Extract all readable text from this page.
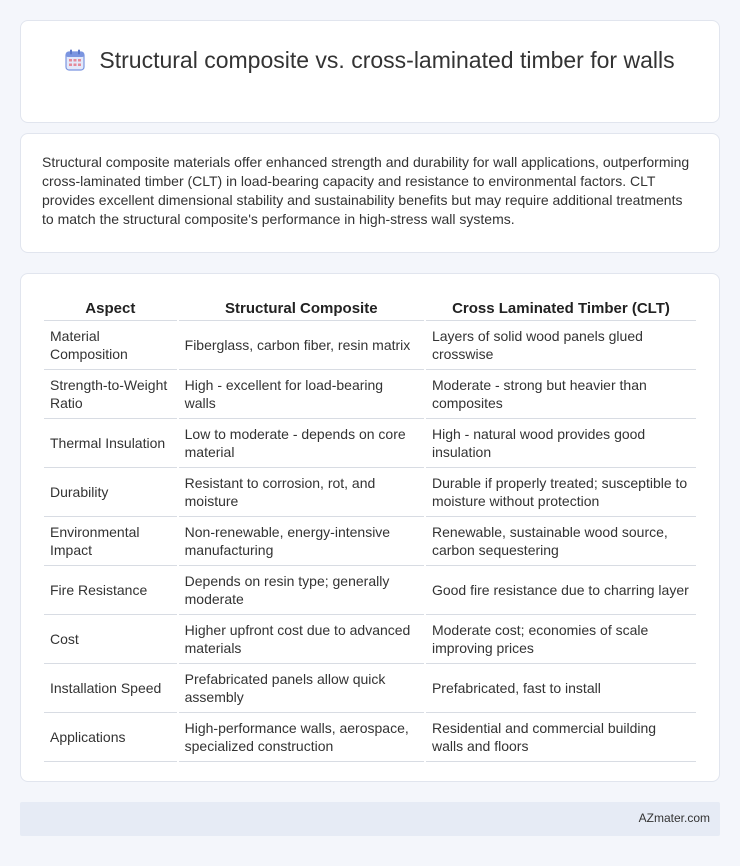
Structural composite vs. cross-laminated timber for walls

Structural composite materials offer enhanced strength and durability for wall applications, outperforming cross-laminated timber (CLT) in load-bearing capacity and resistance to environmental factors. CLT provides excellent dimensional stability and sustainability benefits but may require additional treatments to match the structural composite's performance in high-stress wall systems.

Aspect	Structural Composite	Cross Laminated Timber (CLT)
Material Composition	Fiberglass, carbon fiber, resin matrix	Layers of solid wood panels glued crosswise
Strength-to-Weight Ratio	High - excellent for load-bearing walls	Moderate - strong but heavier than composites
Thermal Insulation	Low to moderate - depends on core material	High - natural wood provides good insulation
Durability	Resistant to corrosion, rot, and moisture	Durable if properly treated; susceptible to moisture without protection
Environmental Impact	Non-renewable, energy-intensive manufacturing	Renewable, sustainable wood source, carbon sequestering
Fire Resistance	Depends on resin type; generally moderate	Good fire resistance due to charring layer
Cost	Higher upfront cost due to advanced materials	Moderate cost; economies of scale improving prices
Installation Speed	Prefabricated panels allow quick assembly	Prefabricated, fast to install
Applications	High-performance walls, aerospace, specialized construction	Residential and commercial building walls and floors
AZmater.com
